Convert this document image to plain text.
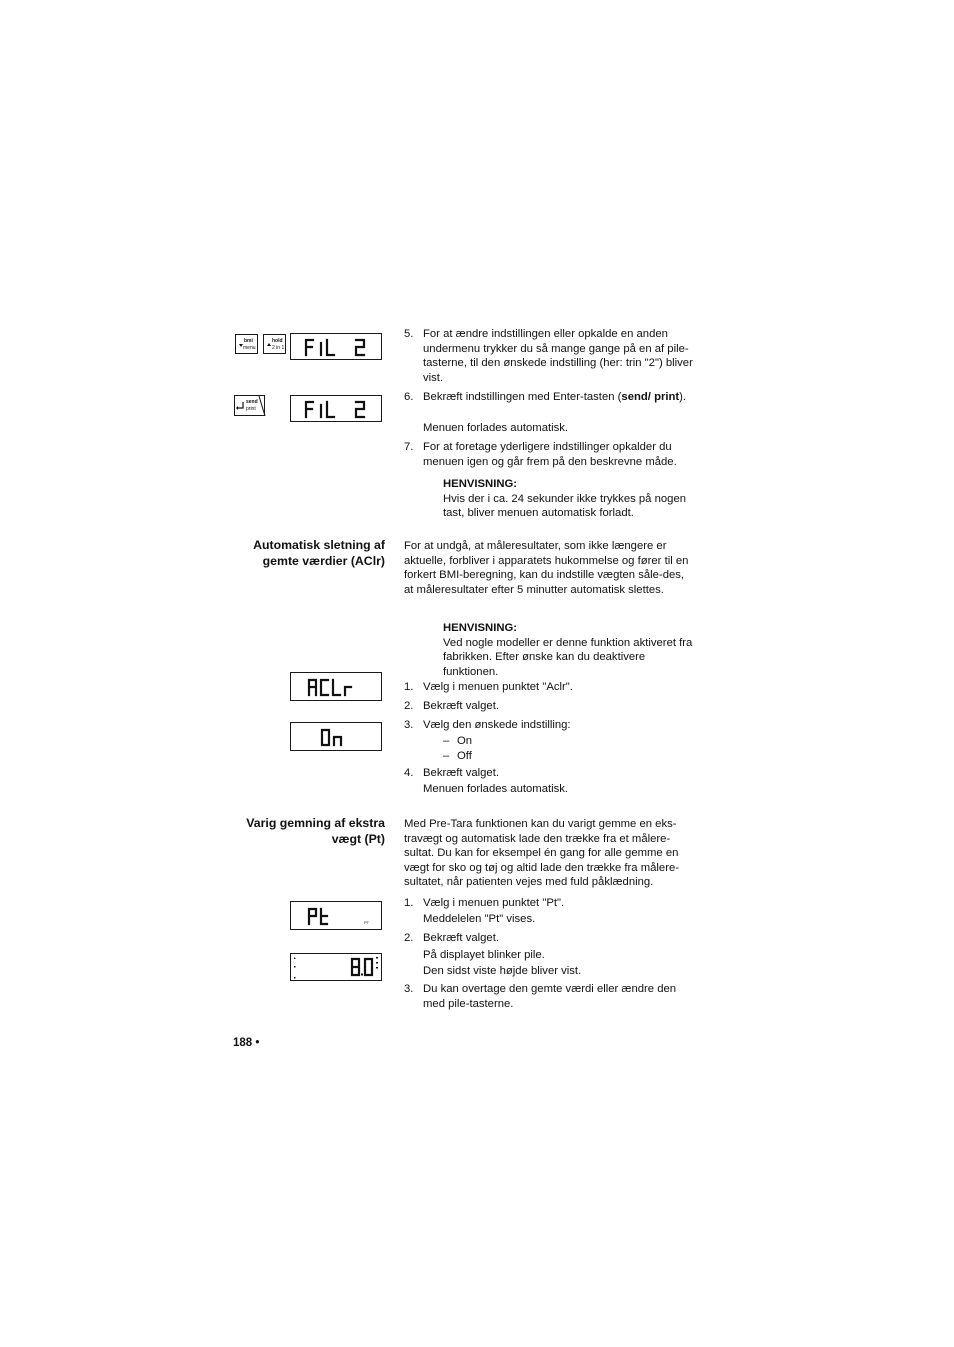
bmi
menu
hold
2 in 1
send
print
5. For at ændre indstillingen eller opkalde en anden undermenu trykker du så mange gange på en af pile-tasterne, til den ønskede indstilling (her: trin "2") bliver vist.
6. Bekræft indstillingen med Enter-tasten (send/ print).
Menuen forlades automatisk.
7. For at foretage yderligere indstillinger opkalder du menuen igen og går frem på den beskrevne måde.
HENVISNING:
Hvis der i ca. 24 sekunder ikke trykkes på nogen tast, bliver menuen automatisk forladt.
Automatisk sletning af gemte værdier (AClr)
For at undgå, at måleresultater, som ikke længere er aktuelle, forbliver i apparatets hukommelse og fører til en forkert BMI-beregning, kan du indstille vægten såle-des, at måleresultater efter 5 minutter automatisk slettes.
HENVISNING:
Ved nogle modeller er denne funktion aktiveret fra fabrikken. Efter ønske kan du deaktivere funktionen.
1. Vælg i menuen punktet "Aclr".
2. Bekræft valget.
3. Vælg den ønskede indstilling:
– On
– Off
4. Bekræft valget.
Menuen forlades automatisk.
Varig gemning af ekstra vægt (Pt)
Med Pre-Tara funktionen kan du varigt gemme en eks-travægt og automatisk lade den trække fra et målere-sultat. Du kan for eksempel én gang for alle gemme en vægt for sko og tøj og altid lade den trække fra målere-sultatet, når patienten vejes med fuld påklædning.
PT
1. Vælg i menuen punktet "Pt".
Meddelelen "Pt" vises.
2. Bekræft valget.
På displayet blinker pile.
Den sidst viste højde bliver vist.
3. Du kan overtage den gemte værdi eller ændre den med pile-tasterne.
188 •
